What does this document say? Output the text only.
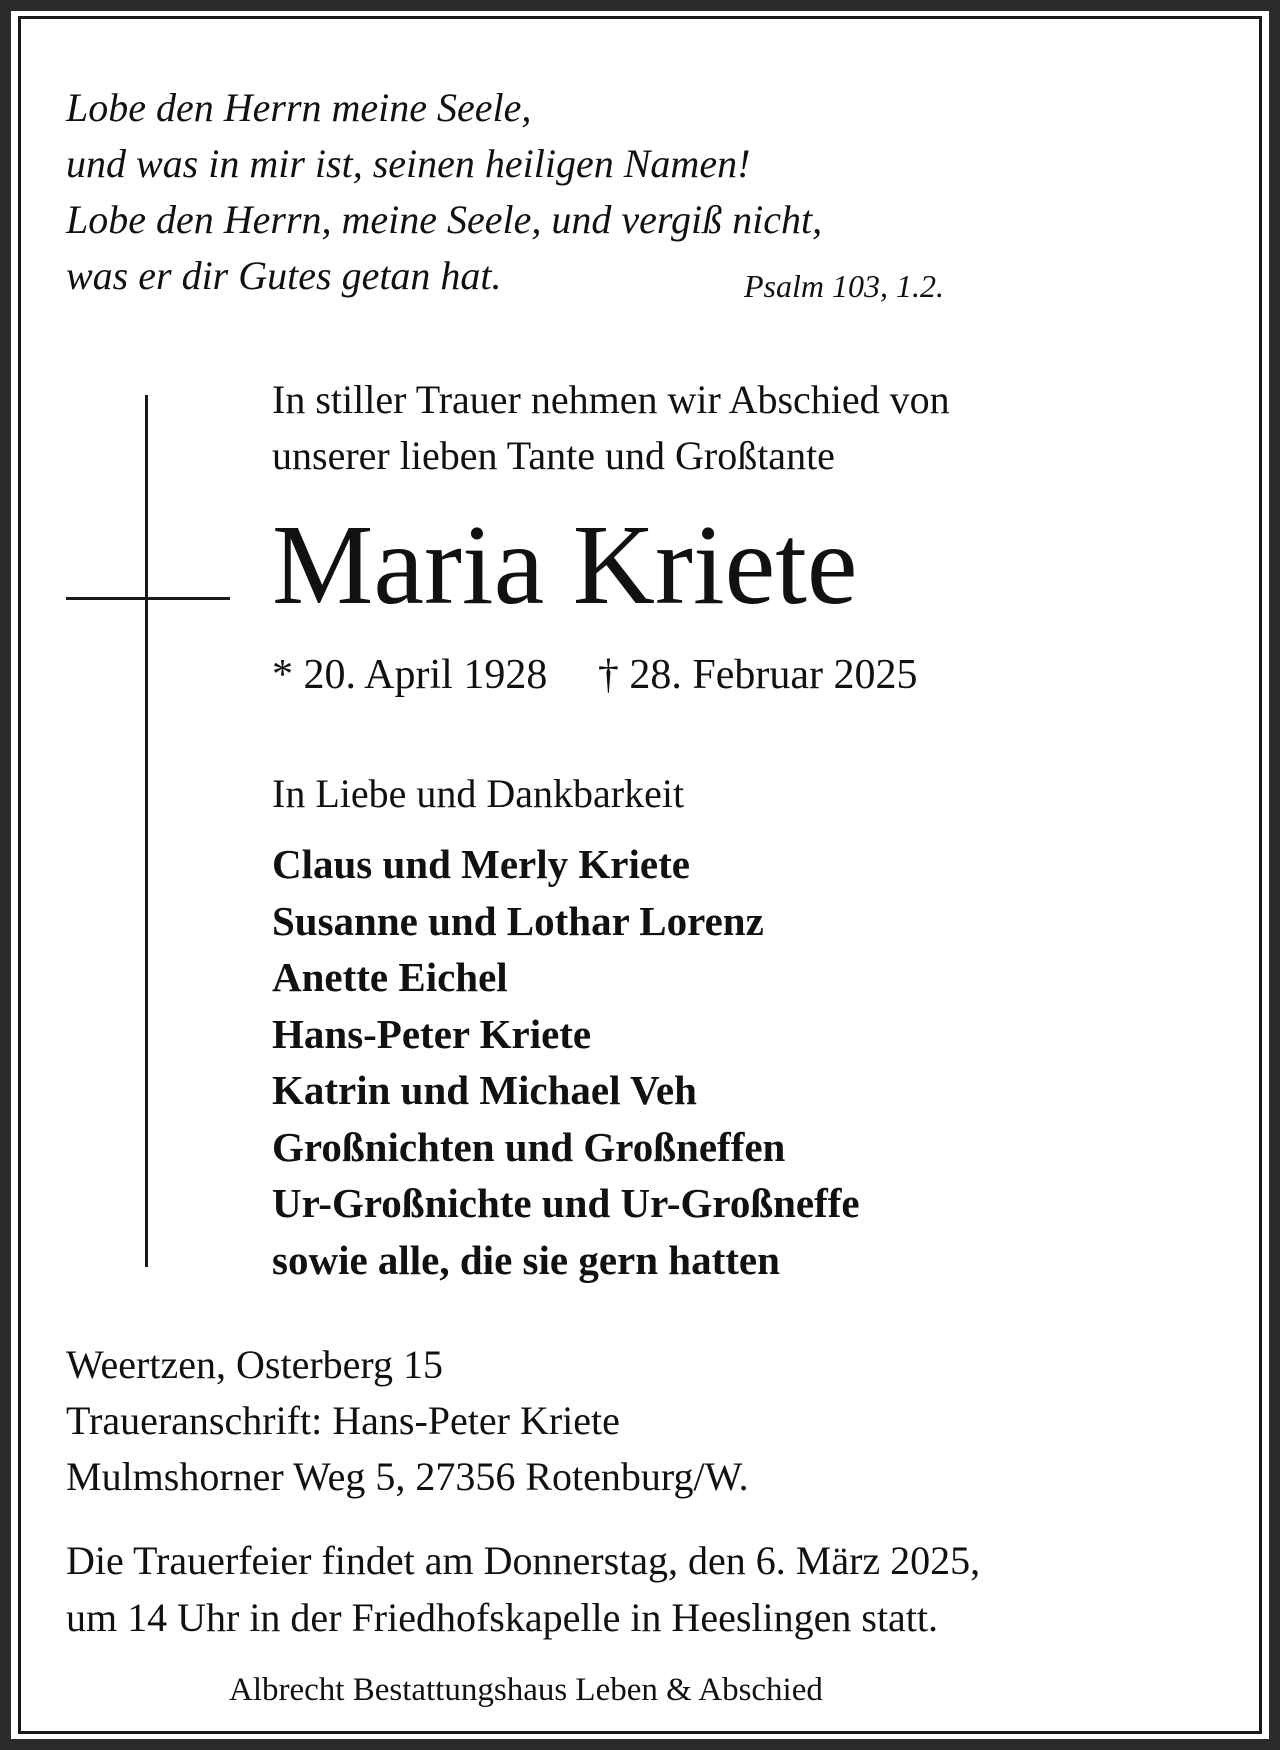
Lobe den Herrn meine Seele,
und was in mir ist, seinen heiligen Namen!
Lobe den Herrn, meine Seele, und vergiß nicht,
was er dir Gutes getan hat.	Psalm 103, 1.2.
In stiller Trauer nehmen wir Abschied von
unserer lieben Tante und Großtante
Maria Kriete
* 20. April 1928 † 28. Februar 2025
In Liebe und Dankbarkeit
Claus und Merly Kriete
Susanne und Lothar Lorenz
Anette Eichel
Hans-Peter Kriete
Katrin und Michael Veh
Großnichten und Großneffen
Ur-Großnichte und Ur-Großneffe
sowie alle, die sie gern hatten
Weertzen, Osterberg 15
Traueranschrift: Hans-Peter Kriete
Mulmshorner Weg 5, 27356 Rotenburg/W.
Die Trauerfeier findet am Donnerstag, den 6. März 2025,
um 14 Uhr in der Friedhofskapelle in Heeslingen statt.
Albrecht Bestattungshaus Leben & Abschied
